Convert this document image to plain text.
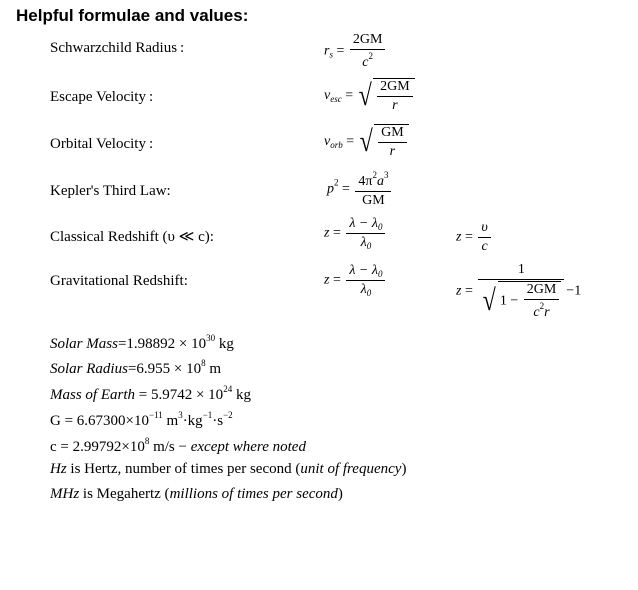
Helpful formulae and values:
Schwarzchild Radius :	$r_s = \frac{2GM}{c^2}$
Escape Velocity :	$v_{esc}$ = √ $\frac{2GM}{r}$
Orbital Velocity :	$v_{orb}$ = √ $\frac{GM}{r}$
Kepler's Third Law:	$p^2 = \frac{4\pi^2a^3}{GM}$
Classical Redshift (υ ≪ c):	$z = \frac{\lambda - \lambda_0}{\lambda_0}$	$z = \frac{\upsilon}{c}$
Gravitational Redshift:	$z = \frac{\lambda - \lambda_0}{\lambda_0}$	$z = \frac{1}{√ 1 - \frac{2GM}{c^2r}} -1$
Solar Mass=1.98892 × $10^{30}$ kg
Solar Radius=6.955 × $10^8$ m
Mass of Earth = $5.9742 \times 10^{24}$ kg
$G = 6.67300\times 10^{-11}$ $m^3\cdot kg^{-1}\cdot s^{-2}$
$c = 2.99792\times 10^8$ m/s − except where noted
Hz is Hertz, number of times per second (unit of frequency)
MHz is Megahertz (millions of times per second)
